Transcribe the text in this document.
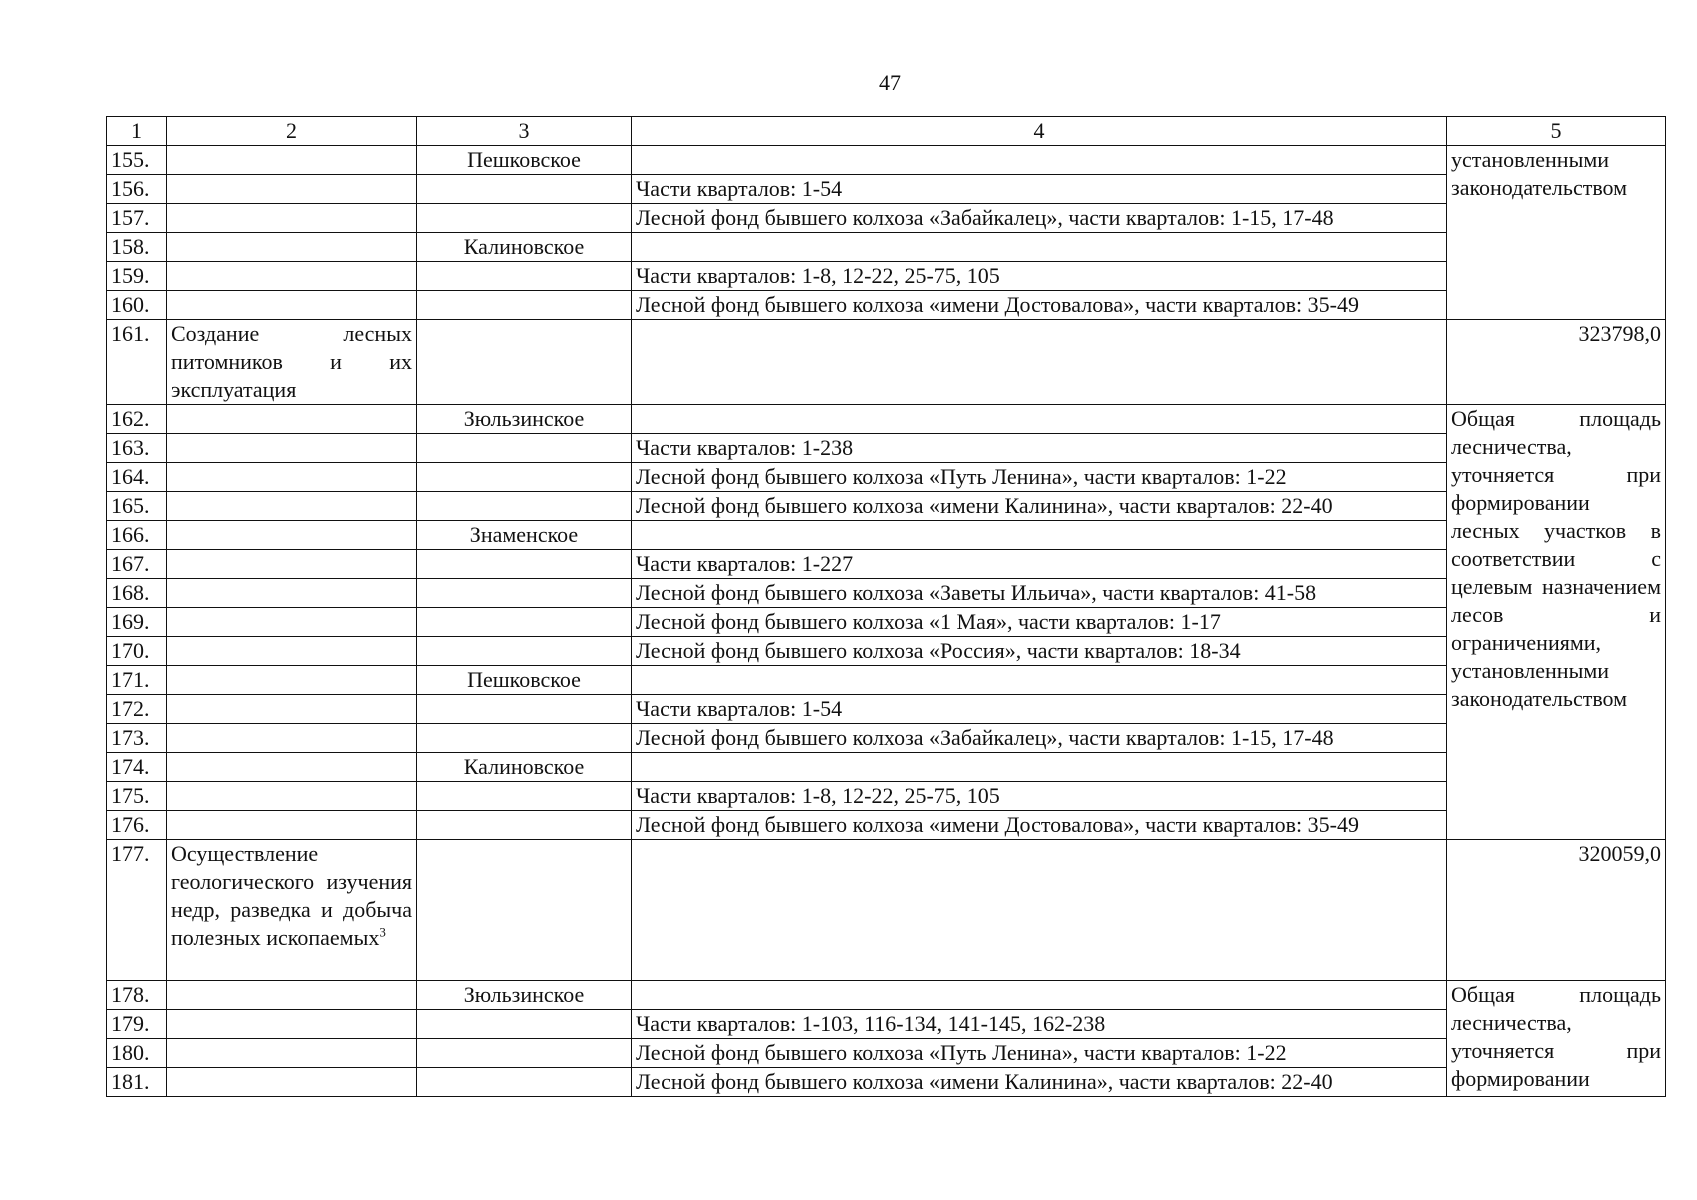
47
1	2	3	4	5
155.		Пешковское		установленными законодательством
156.			Части кварталов: 1-54	
157.			Лесной фонд бывшего колхоза «Забайкалец», части кварталов: 1-15, 17-48	
158.		Калиновское		
159.			Части кварталов: 1-8, 12-22, 25-75, 105	
160.			Лесной фонд бывшего колхоза «имени Достовалова», части кварталов: 35-49	
161.	Создание лесных питомников и их эксплуатация			323798,0
162.		Зюльзинское		Общая площадь лесничества, уточняется при формировании лесных участков в соответствии с целевым назначением лесов и ограничениями, установленными законодательством
163.			Части кварталов: 1-238	
164.			Лесной фонд бывшего колхоза «Путь Ленина», части кварталов: 1-22	
165.			Лесной фонд бывшего колхоза «имени Калинина», части кварталов: 22-40	
166.		Знаменское		
167.			Части кварталов: 1-227	
168.			Лесной фонд бывшего колхоза «Заветы Ильича», части кварталов: 41-58	
169.			Лесной фонд бывшего колхоза «1 Мая», части кварталов: 1-17	
170.			Лесной фонд бывшего колхоза «Россия», части кварталов: 18-34	
171.		Пешковское		
172.			Части кварталов: 1-54	
173.			Лесной фонд бывшего колхоза «Забайкалец», части кварталов: 1-15, 17-48	
174.		Калиновское		
175.			Части кварталов: 1-8, 12-22, 25-75, 105	
176.			Лесной фонд бывшего колхоза «имени Достовалова», части кварталов: 35-49	
177.	Осуществление геологического изучения недр, разведка и добыча полезных ископаемых$^3$			320059,0
178.		Зюльзинское		Общая площадь лесничества, уточняется при формировании
179.			Части кварталов: 1-103, 116-134, 141-145, 162-238	
180.			Лесной фонд бывшего колхоза «Путь Ленина», части кварталов: 1-22	
181.			Лесной фонд бывшего колхоза «имени Калинина», части кварталов: 22-40	
